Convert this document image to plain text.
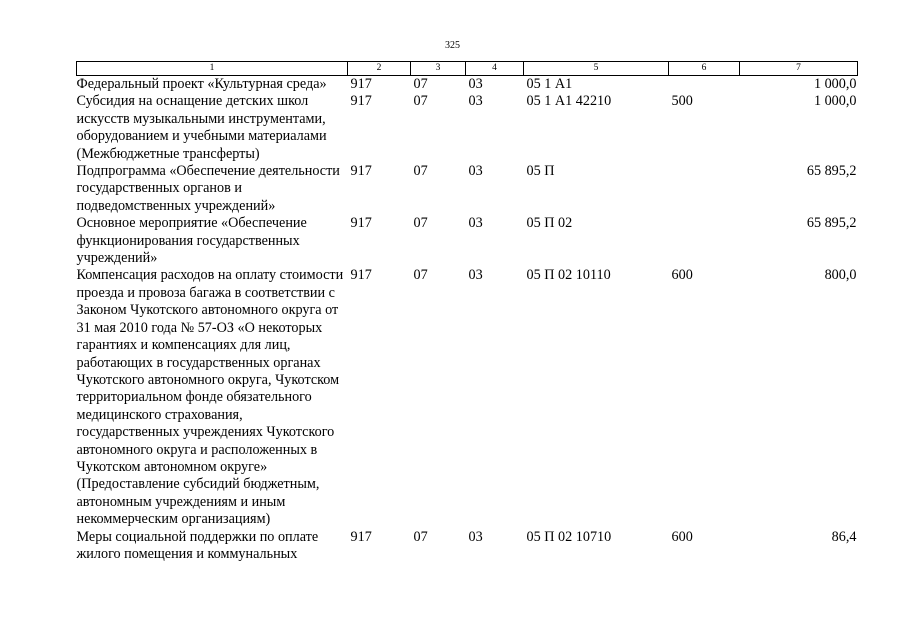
325
1	2	3	4	5	6	7
Федеральный проект «Культурная среда»	917	07	03	05 1 А1		1 000,0
Субсидия на оснащение детских школ искусств музыкальными инструментами, оборудованием и учебными материалами (Межбюджетные трансферты)	917	07	03	05 1 А1 42210	500	1 000,0
Подпрограмма «Обеспечение деятельности государственных органов и подведомственных учреждений»	917	07	03	05 П		65 895,2
Основное мероприятие «Обеспечение функционирования государственных учреждений»	917	07	03	05 П 02		65 895,2
Компенсация расходов на оплату стоимости проезда и провоза багажа в соответствии с Законом Чукотского автономного округа от 31 мая 2010 года № 57-ОЗ «О некоторых гарантиях и компенсациях для лиц, работающих в государственных органах Чукотского автономного округа, Чукотском территориальном фонде обязательного медицинского страхования, государственных учреждениях Чукотского автономного округа и расположенных в Чукотском автономном округе» (Предоставление субсидий бюджетным, автономным учреждениям и иным некоммерческим организациям)	917	07	03	05 П 02 10110	600	800,0
Меры социальной поддержки по оплате жилого помещения и коммунальных	917	07	03	05 П 02 10710	600	86,4
